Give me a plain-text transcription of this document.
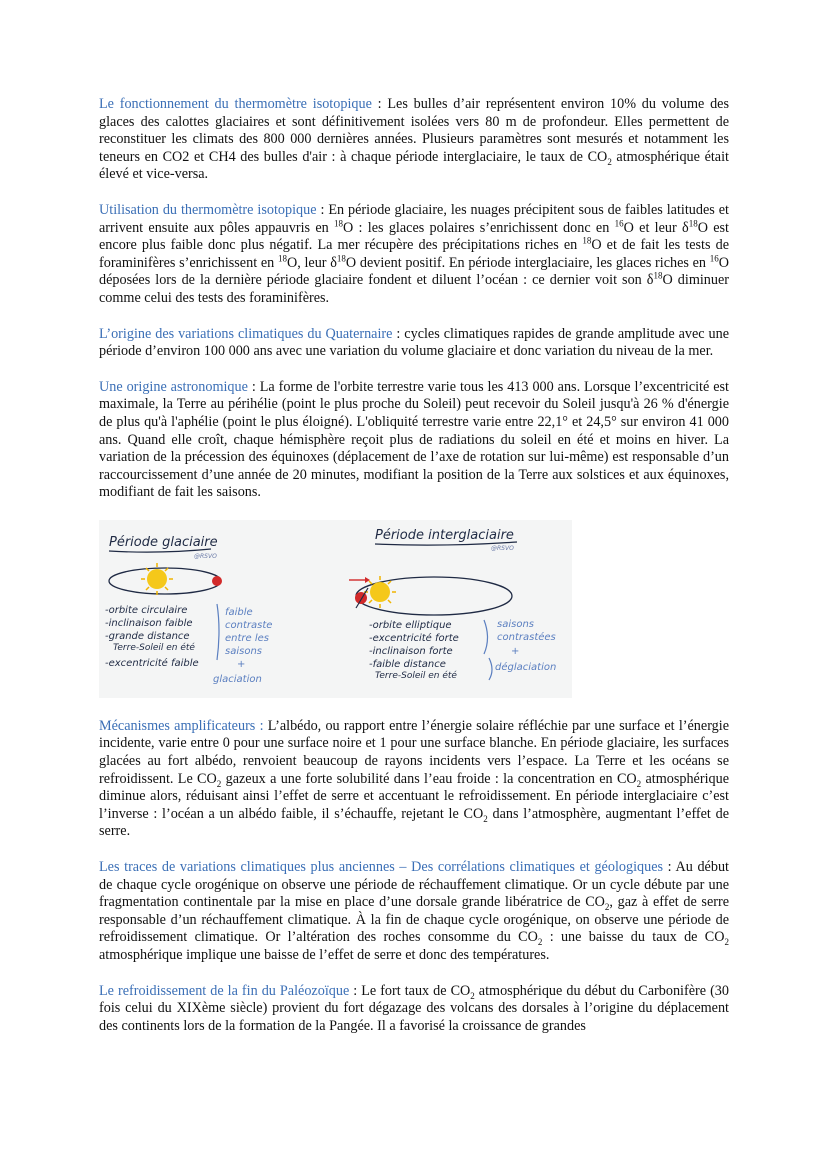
Le fonctionnement du thermomètre isotopique : Les bulles d’air représentent environ 10% du volume des glaces des calottes glaciaires et sont définitivement isolées vers 80 m de profondeur. Elles permettent de reconstituer les climats des 800 000 dernières années. Plusieurs paramètres sont mesurés et notamment les teneurs en CO2 et CH4 des bulles d'air : à chaque période interglaciaire, le taux de $CO_2$ atmosphérique était élevé et vice-versa.

Utilisation du thermomètre isotopique : En période glaciaire, les nuages précipitent sous de faibles latitudes et arrivent ensuite aux pôles appauvris en $^{18}$O : les glaces polaires s’enrichissent donc en $^{16}$O et leur $\delta^{18}O$ est encore plus faible donc plus négatif. La mer récupère des précipitations riches en $^{18}$O et de fait les tests de foraminifères s’enrichissent en $^{18}$O, leur $\delta^{18}O$ devient positif. En période interglaciaire, les glaces riches en $^{16}$O déposées lors de la dernière période glaciaire fondent et diluent l’océan : ce dernier voit son $\delta^{18}O$ diminuer comme celui des tests des foraminifères.

L’origine des variations climatiques du Quaternaire : cycles climatiques rapides de grande amplitude avec une période d’environ 100 000 ans avec une variation du volume glaciaire et donc variation du niveau de la mer.

Une origine astronomique : La forme de l'orbite terrestre varie tous les 413 000 ans. Lorsque l’excentricité est maximale, la Terre au périhélie (point le plus proche du Soleil) peut recevoir du Soleil jusqu'à 26 % d'énergie de plus qu'à l'aphélie (point le plus éloigné). L'obliquité terrestre varie entre 22,1° et 24,5° sur environ 41 000 ans. Quand elle croît, chaque hémisphère reçoit plus de radiations du soleil en été et moins en hiver. La variation de la précession des équinoxes (déplacement de l’axe de rotation sur lui-même) est responsable d’un raccourcissement d’une année de 20 minutes, modifiant la position de la Terre aux solstices et aux équinoxes, modifiant de fait les saisons.

Période glaciaire
@RSVO
-orbite circulaire
-inclinaison faible
-grande distance
Terre-Soleil en été
-excentricité faible
faible
contraste
entre les
saisons
+
glaciation
Période interglaciaire
@RSVO
-orbite elliptique
-excentricité forte
-inclinaison forte
-faible distance
Terre-Soleil en été
saisons
contrastées
+
déglaciation

Mécanismes amplificateurs : L’albédo, ou rapport entre l’énergie solaire réfléchie par une surface et l’énergie incidente, varie entre 0 pour une surface noire et 1 pour une surface blanche. En période glaciaire, les surfaces glacées au fort albédo, renvoient beaucoup de rayons incidents vers l’espace. La Terre et les océans se refroidissent. Le $CO_2$ gazeux a une forte solubilité dans l’eau froide : la concentration en $CO_2$ atmosphérique diminue alors, réduisant ainsi l’effet de serre et accentuant le refroidissement. En période interglaciaire c’est l’inverse : l’océan a un albédo faible, il s’échauffe, rejetant le $CO_2$ dans l’atmosphère, augmentant l’effet de serre.

Les traces de variations climatiques plus anciennes – Des corrélations climatiques et géologiques : Au début de chaque cycle orogénique on observe une période de réchauffement climatique. Or un cycle débute par une fragmentation continentale par la mise en place d’une dorsale grande libératrice de $CO_2$, gaz à effet de serre responsable d’un réchauffement climatique. À la fin de chaque cycle orogénique, on observe une période de refroidissement climatique. Or l’altération des roches consomme du $CO_2$ : une baisse du taux de $CO_2$ atmosphérique implique une baisse de l’effet de serre et donc des températures.

Le refroidissement de la fin du Paléozoïque : Le fort taux de $CO_2$ atmosphérique du début du Carbonifère (30 fois celui du XIXème siècle) provient du fort dégazage des volcans des dorsales à l’origine du déplacement des continents lors de la formation de la Pangée. Il a favorisé la croissance de grandes
